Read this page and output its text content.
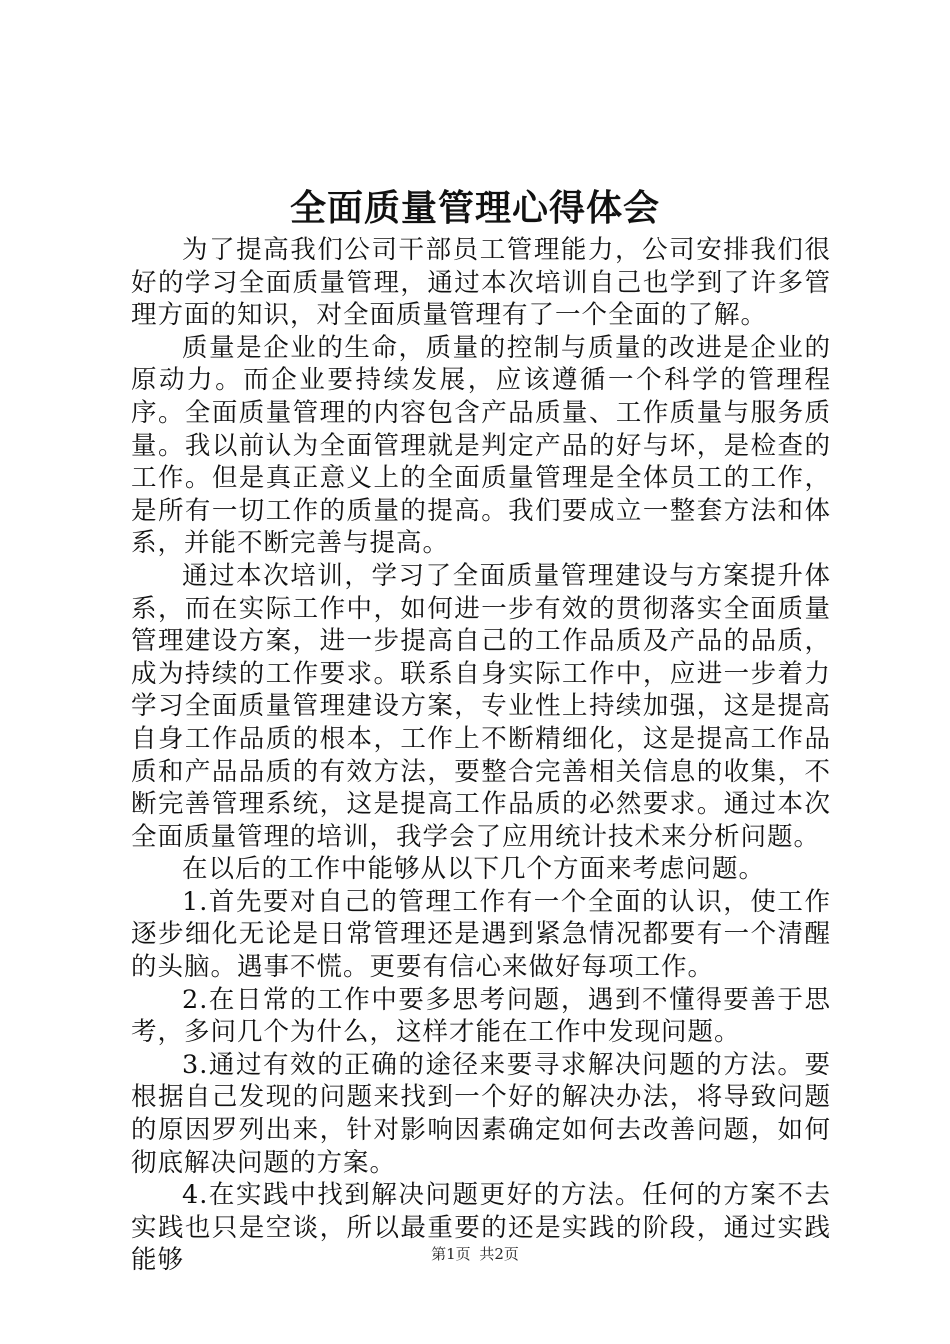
全面质量管理心得体会

为了提高我们公司干部员工管理能力，公司安排我们很好的学习全面质量管理，通过本次培训自己也学到了许多管理方面的知识，对全面质量管理有了一个全面的了解。

质量是企业的生命，质量的控制与质量的改进是企业的原动力。而企业要持续发展，应该遵循一个科学的管理程序。全面质量管理的内容包含产品质量、工作质量与服务质量。我以前认为全面管理就是判定产品的好与坏，是检查的工作。但是真正意义上的全面质量管理是全体员工的工作，是所有一切工作的质量的提高。我们要成立一整套方法和体系，并能不断完善与提高。

通过本次培训，学习了全面质量管理建设与方案提升体系，而在实际工作中，如何进一步有效的贯彻落实全面质量管理建设方案，进一步提高自己的工作品质及产品的品质，成为持续的工作要求。联系自身实际工作中，应进一步着力学习全面质量管理建设方案，专业性上持续加强，这是提高自身工作品质的根本，工作上不断精细化，这是提高工作品质和产品品质的有效方法，要整合完善相关信息的收集，不断完善管理系统，这是提高工作品质的必然要求。通过本次全面质量管理的培训，我学会了应用统计技术来分析问题。

在以后的工作中能够从以下几个方面来考虑问题。

1.首先要对自己的管理工作有一个全面的认识，使工作逐步细化无论是日常管理还是遇到紧急情况都要有一个清醒的头脑。遇事不慌。更要有信心来做好每项工作。

2.在日常的工作中要多思考问题，遇到不懂得要善于思考，多问几个为什么，这样才能在工作中发现问题。

3.通过有效的正确的途径来要寻求解决问题的方法。要根据自己发现的问题来找到一个好的解决办法，将导致问题的原因罗列出来，针对影响因素确定如何去改善问题，如何彻底解决问题的方案。

4.在实践中找到解决问题更好的方法。任何的方案不去实践也只是空谈，所以最重要的还是实践的阶段，通过实践能够	第1页 共2页
